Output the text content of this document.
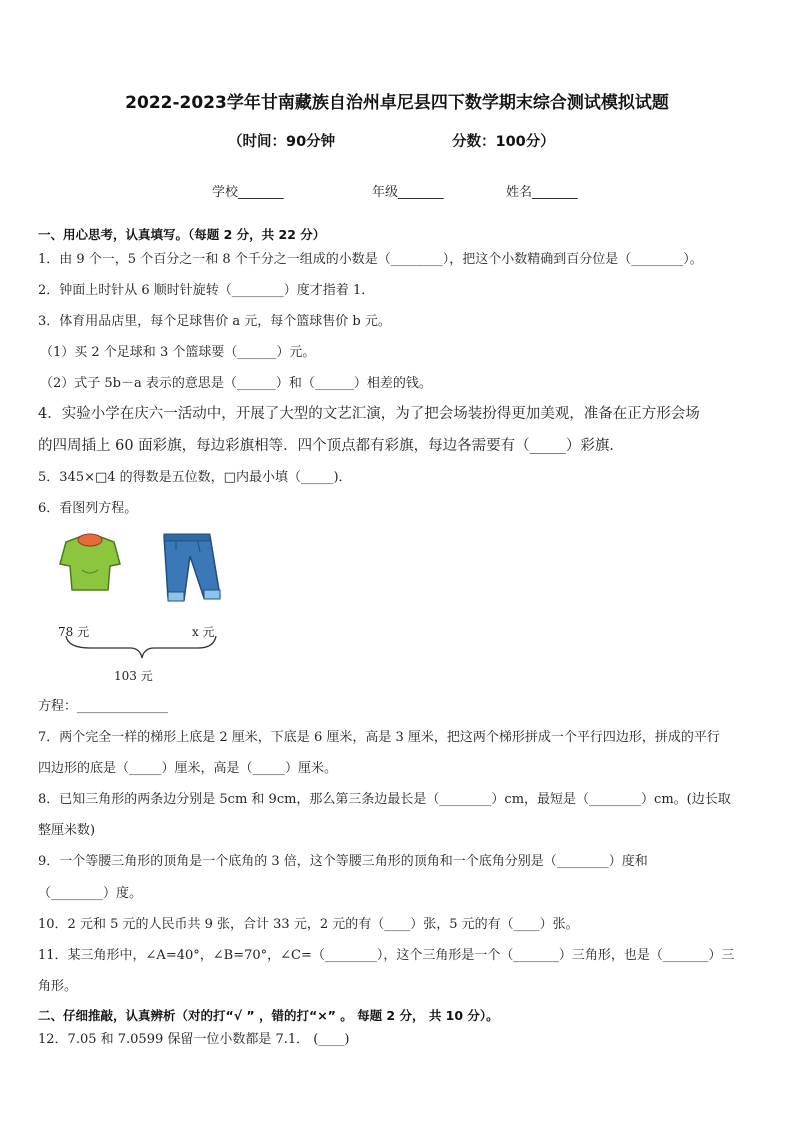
2022-2023学年甘南藏族自治州卓尼县四下数学期末综合测试模拟试题
（时间：90分钟	分数：100分）
学校_______	年级_______	姓名_______
一、用心思考，认真填写。（每题 2 分，共 22 分）
1．由 9 个一，5 个百分之一和 8 个千分之一组成的小数是（________），把这个小数精确到百分位是（________）。
2．钟面上时针从 6 顺时针旋转（________）度才指着 1．
3．体育用品店里，每个足球售价 a 元，每个篮球售价 b 元。
（1）买 2 个足球和 3 个篮球要（______）元。
（2）式子 5b－a 表示的意思是（______）和（______）相差的钱。
4．实验小学在庆六一活动中，开展了大型的文艺汇演，为了把会场装扮得更加美观，准备在正方形会场
的四周插上 60 面彩旗，每边彩旗相等．四个顶点都有彩旗，每边各需要有（_____）彩旗．
5．345×□4 的得数是五位数，□内最小填（_____)．
6．看图列方程。
78 元	x 元
103 元
方程：______________
7．两个完全一样的梯形上底是 2 厘米，下底是 6 厘米，高是 3 厘米，把这两个梯形拼成一个平行四边形，拼成的平行
四边形的底是（_____）厘米，高是（_____）厘米。
8．已知三角形的两条边分别是 5cm 和 9cm，那么第三条边最长是（________）cm，最短是（________）cm。(边长取
整厘米数)
9．一个等腰三角形的顶角是一个底角的 3 倍，这个等腰三角形的顶角和一个底角分别是（________）度和
（________）度。
10．2 元和 5 元的人民币共 9 张，合计 33 元，2 元的有（____）张，5 元的有（____）张。
11．某三角形中，∠A=40°，∠B=70°，∠C=（________），这个三角形是一个（_______）三角形，也是（_______）三
角形。
二、仔细推敲，认真辨析（对的打“√ ” ，错的打“×” 。 每题 2 分， 共 10 分）。
12．7.05 和 7.0599 保留一位小数都是 7.1． (____)
